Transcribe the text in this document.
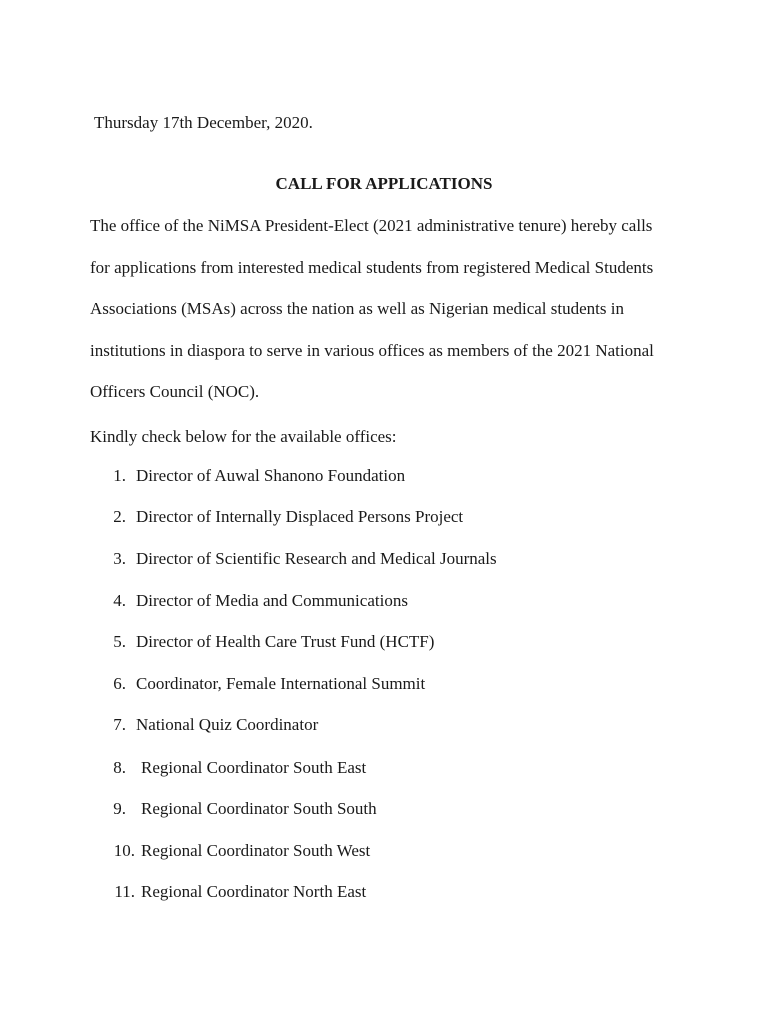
Thursday 17th December, 2020.
CALL FOR APPLICATIONS
The office of the NiMSA President-Elect (2021 administrative tenure) hereby calls
for applications from interested medical students from registered Medical Students
Associations (MSAs) across the nation as well as Nigerian medical students in
institutions in diaspora to serve in various offices as members of the 2021 National
Officers Council (NOC).
Kindly check below for the available offices:
1. Director of Auwal Shanono Foundation
2. Director of Internally Displaced Persons Project
3. Director of Scientific Research and Medical Journals
4. Director of Media and Communications
5. Director of Health Care Trust Fund (HCTF)
6. Coordinator, Female International Summit
7. National Quiz Coordinator
8. Regional Coordinator South East
9. Regional Coordinator South South
10. Regional Coordinator South West
11. Regional Coordinator North East
